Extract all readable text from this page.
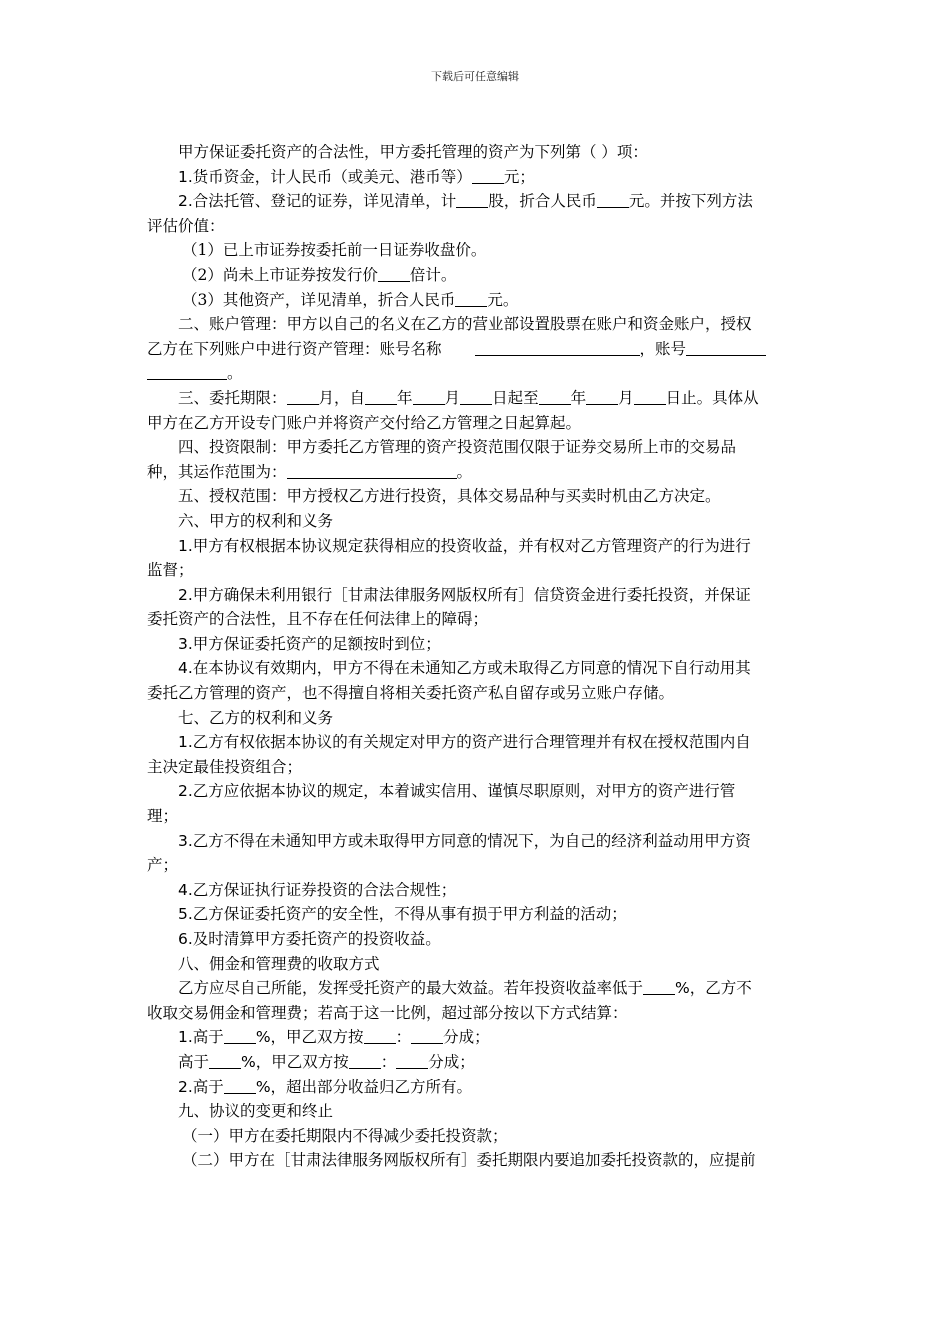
下载后可任意编辑

甲方保证委托资产的合法性，甲方委托管理的资产为下列第（ ）项：

1.货币资金，计人民币（或美元、港币等） 元；

2.合法托管、登记的证券，详见清单，计 股，折合人民币 元。并按下列方法

评估价值：

（1）已上市证券按委托前一日证券收盘价。

（2）尚未上市证券按发行价 倍计。

（3）其他资产，详见清单，折合人民币 元。

二、账户管理：甲方以自己的名义在乙方的营业部设置股票在账户和资金账户，授权

乙方在下列账户中进行资产管理：账号名称	，账号

。

三、委托期限： 月，自 年 月 日起至 年 月 日止。具体从

甲方在乙方开设专门账户并将资产交付给乙方管理之日起算起。

四、投资限制：甲方委托乙方管理的资产投资范围仅限于证券交易所上市的交易品

种，其运作范围为：	。

五、授权范围：甲方授权乙方进行投资，具体交易品种与买卖时机由乙方决定。

六、甲方的权利和义务

1.甲方有权根据本协议规定获得相应的投资收益，并有权对乙方管理资产的行为进行

监督；

2.甲方确保未利用银行［甘肃法律服务网版权所有］信贷资金进行委托投资，并保证

委托资产的合法性，且不存在任何法律上的障碍；

3.甲方保证委托资产的足额按时到位；

4.在本协议有效期内，甲方不得在未通知乙方或未取得乙方同意的情况下自行动用其

委托乙方管理的资产，也不得擅自将相关委托资产私自留存或另立账户存储。

七、乙方的权利和义务

1.乙方有权依据本协议的有关规定对甲方的资产进行合理管理并有权在授权范围内自

主决定最佳投资组合；

2.乙方应依据本协议的规定，本着诚实信用、谨慎尽职原则，对甲方的资产进行管

理；

3.乙方不得在未通知甲方或未取得甲方同意的情况下，为自己的经济利益动用甲方资

产；

4.乙方保证执行证券投资的合法合规性；

5.乙方保证委托资产的安全性，不得从事有损于甲方利益的活动；

6.及时清算甲方委托资产的投资收益。

八、佣金和管理费的收取方式

乙方应尽自己所能，发挥受托资产的最大效益。若年投资收益率低于 %，乙方不

收取交易佣金和管理费；若高于这一比例，超过部分按以下方式结算：

1.高于 %，甲乙双方按 ： 分成；

高于 %，甲乙双方按 ： 分成；

2.高于 %，超出部分收益归乙方所有。

九、协议的变更和终止

（一）甲方在委托期限内不得减少委托投资款；

（二）甲方在［甘肃法律服务网版权所有］委托期限内要追加委托投资款的，应提前
